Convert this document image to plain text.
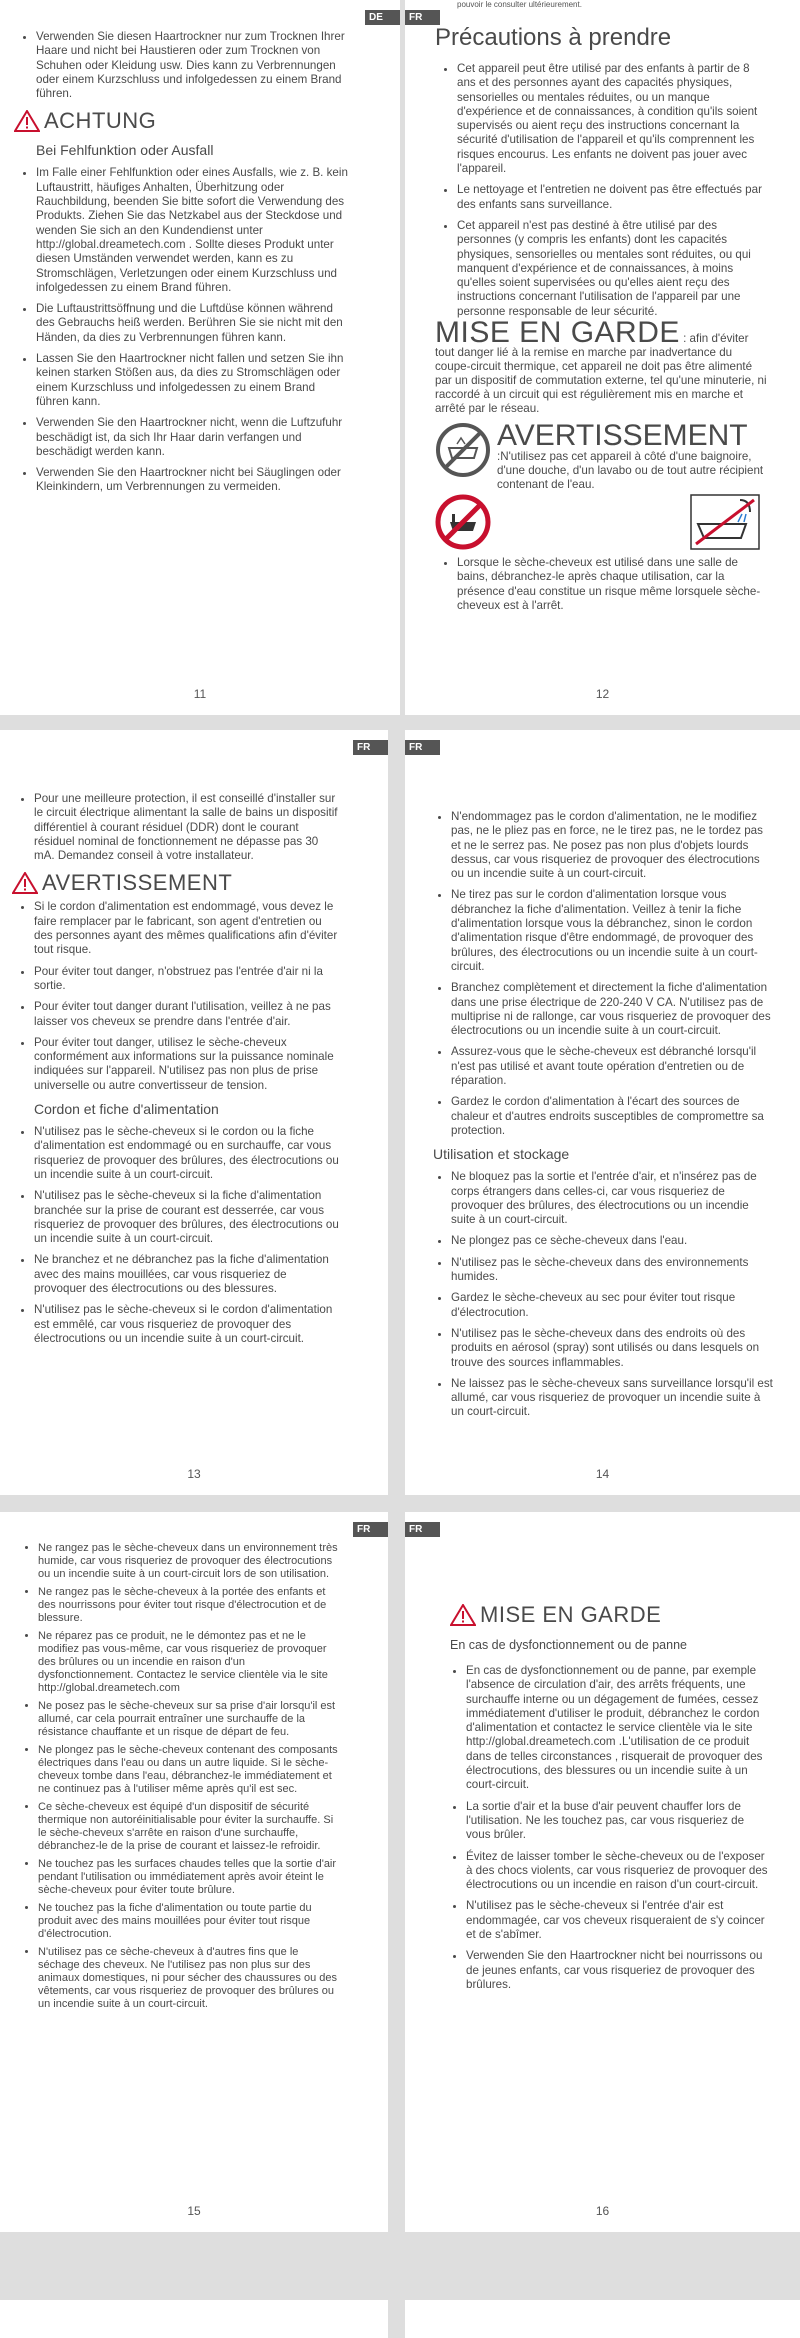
DE
• Verwenden Sie diesen Haartrockner nur zum Trocknen Ihrer Haare und nicht bei Haustieren oder zum Trocknen von Schuhen oder Kleidung usw. Dies kann zu Verbrennungen oder einem Kurzschluss und infolgedessen zu einem Brand führen.
ACHTUNG
Bei Fehlfunktion oder Ausfall
• Im Falle einer Fehlfunktion oder eines Ausfalls, wie z. B. kein Luftaustritt, häufiges Anhalten, Überhitzung oder Rauchbildung, beenden Sie bitte sofort die Verwendung des Produkts. Ziehen Sie das Netzkabel aus der Steckdose und wenden Sie sich an den Kundendienst unter http://global.dreametech.com . Sollte dieses Produkt unter diesen Umständen verwendet werden, kann es zu Stromschlägen, Verletzungen oder einem Kurzschluss und infolgedessen zu einem Brand führen.
• Die Luftaustrittsöffnung und die Luftdüse können während des Gebrauchs heiß werden. Berühren Sie sie nicht mit den Händen, da dies zu Verbrennungen führen kann.
• Lassen Sie den Haartrockner nicht fallen und setzen Sie ihn keinen starken Stößen aus, da dies zu Stromschlägen oder einem Kurzschluss und infolgedessen zu einem Brand führen kann.
• Verwenden Sie den Haartrockner nicht, wenn die Luftzufuhr beschädigt ist, da sich Ihr Haar darin verfangen und beschädigt werden kann.
• Verwenden Sie den Haartrockner nicht bei Säuglingen oder Kleinkindern, um Verbrennungen zu vermeiden.
11
FR
pouvoir le consulter ultérieurement.
Précautions à prendre
• Cet appareil peut être utilisé par des enfants à partir de 8 ans et des personnes ayant des capacités physiques, sensorielles ou mentales réduites, ou un manque d'expérience et de connaissances, à condition qu'ils soient supervisés ou aient reçu des instructions concernant la sécurité d'utilisation de l'appareil et qu'ils comprennent les risques encourus. Les enfants ne doivent pas jouer avec l'appareil.
• Le nettoyage et l'entretien ne doivent pas être effectués par des enfants sans surveillance.
• Cet appareil n'est pas destiné à être utilisé par des personnes (y compris les enfants) dont les capacités physiques, sensorielles ou mentales sont réduites, ou qui manquent d'expérience et de connaissances, à moins qu'elles soient supervisées ou qu'elles aient reçu des instructions concernant l'utilisation de l'appareil par une personne responsable de leur sécurité.
MISE EN GARDE : afin d'éviter tout danger lié à la remise en marche par inadvertance du coupe-circuit thermique, cet appareil ne doit pas être alimenté par un dispositif de commutation externe, tel qu'une minuterie, ni raccordé à un circuit qui est régulièrement mis en marche et arrêté par le réseau.
AVERTISSEMENT
:N'utilisez pas cet appareil à côté d'une baignoire, d'une douche, d'un lavabo ou de tout autre récipient contenant de l'eau.
• Lorsque le sèche-cheveux est utilisé dans une salle de bains, débranchez-le après chaque utilisation, car la présence d'eau constitue un risque même lorsquele sèche-cheveux est à l'arrêt.
12
FR
• Pour une meilleure protection, il est conseillé d'installer sur le circuit électrique alimentant la salle de bains un dispositif différentiel à courant résiduel (DDR) dont le courant résiduel nominal de fonctionnement ne dépasse pas 30 mA. Demandez conseil à votre installateur.
AVERTISSEMENT
• Si le cordon d'alimentation est endommagé, vous devez le faire remplacer par le fabricant, son agent d'entretien ou des personnes ayant des mêmes qualifications afin d'éviter tout risque.
• Pour éviter tout danger, n'obstruez pas l'entrée d'air ni la sortie.
• Pour éviter tout danger durant l'utilisation, veillez à ne pas laisser vos cheveux se prendre dans l'entrée d'air.
• Pour éviter tout danger, utilisez le sèche-cheveux conformément aux informations sur la puissance nominale indiquées sur l'appareil. N'utilisez pas non plus de prise universelle ou autre convertisseur de tension.
Cordon et fiche d'alimentation
• N'utilisez pas le sèche-cheveux si le cordon ou la fiche d'alimentation est endommagé ou en surchauffe, car vous risqueriez de provoquer des brûlures, des électrocutions ou un incendie suite à un court-circuit.
• N'utilisez pas le sèche-cheveux si la fiche d'alimentation branchée sur la prise de courant est desserrée, car vous risqueriez de provoquer des brûlures, des électrocutions ou un incendie suite à un court-circuit.
• Ne branchez et ne débranchez pas la fiche d'alimentation avec des mains mouillées, car vous risqueriez de provoquer des électrocutions ou des blessures.
• N'utilisez pas le sèche-cheveux si le cordon d'alimentation est emmêlé, car vous risqueriez de provoquer des électrocutions ou un incendie suite à un court-circuit.
13
FR
• N'endommagez pas le cordon d'alimentation, ne le modifiez pas, ne le pliez pas en force, ne le tirez pas, ne le tordez pas et ne le serrez pas. Ne posez pas non plus d'objets lourds dessus, car vous risqueriez de provoquer des électrocutions ou un incendie suite à un court-circuit.
• Ne tirez pas sur le cordon d'alimentation lorsque vous débranchez la fiche d'alimentation. Veillez à tenir la fiche d'alimentation lorsque vous la débranchez, sinon le cordon d'alimentation risque d'être endommagé, de provoquer des brûlures, des électrocutions ou un incendie suite à un court-circuit.
• Branchez complètement et directement la fiche d'alimentation dans une prise électrique de 220-240 V CA. N'utilisez pas de multiprise ni de rallonge, car vous risqueriez de provoquer des électrocutions ou un incendie suite à un court-circuit.
• Assurez-vous que le sèche-cheveux est débranché lorsqu'il n'est pas utilisé et avant toute opération d'entretien ou de réparation.
• Gardez le cordon d'alimentation à l'écart des sources de chaleur et d'autres endroits susceptibles de compromettre sa protection.
Utilisation et stockage
• Ne bloquez pas la sortie et l'entrée d'air, et n'insérez pas de corps étrangers dans celles-ci, car vous risqueriez de provoquer des brûlures, des électrocutions ou un incendie suite à un court-circuit.
• Ne plongez pas ce sèche-cheveux dans l'eau.
• N'utilisez pas le sèche-cheveux dans des environnements humides.
• Gardez le sèche-cheveux au sec pour éviter tout risque d'électrocution.
• N'utilisez pas le sèche-cheveux dans des endroits où des produits en aérosol (spray) sont utilisés ou dans lesquels on trouve des sources inflammables.
• Ne laissez pas le sèche-cheveux sans surveillance lorsqu'il est allumé, car vous risqueriez de provoquer un incendie suite à un court-circuit.
14
FR
• Ne rangez pas le sèche-cheveux dans un environnement très humide, car vous risqueriez de provoquer des électrocutions ou un incendie suite à un court-circuit lors de son utilisation.
• Ne rangez pas le sèche-cheveux à la portée des enfants et des nourrissons pour éviter tout risque d'électrocution et de blessure.
• Ne réparez pas ce produit, ne le démontez pas et ne le modifiez pas vous-même, car vous risqueriez de provoquer des brûlures ou un incendie en raison d'un dysfonctionnement. Contactez le service clientèle via le site http://global.dreametech.com
• Ne posez pas le sèche-cheveux sur sa prise d'air lorsqu'il est allumé, car cela pourrait entraîner une surchauffe de la résistance chauffante et un risque de départ de feu.
• Ne plongez pas le sèche-cheveux contenant des composants électriques dans l'eau ou dans un autre liquide. Si le sèche-cheveux tombe dans l'eau, débranchez-le immédiatement et ne continuez pas à l'utiliser même après qu'il est sec.
• Ce sèche-cheveux est équipé d'un dispositif de sécurité thermique non autoréinitialisable pour éviter la surchauffe. Si le sèche-cheveux s'arrête en raison d'une surchauffe, débranchez-le de la prise de courant et laissez-le refroidir.
• Ne touchez pas les surfaces chaudes telles que la sortie d'air pendant l'utilisation ou immédiatement après avoir éteint le sèche-cheveux pour éviter toute brûlure.
• Ne touchez pas la fiche d'alimentation ou toute partie du produit avec des mains mouillées pour éviter tout risque d'électrocution.
• N'utilisez pas ce sèche-cheveux à d'autres fins que le séchage des cheveux. Ne l'utilisez pas non plus sur des animaux domestiques, ni pour sécher des chaussures ou des vêtements, car vous risqueriez de provoquer des brûlures ou un incendie suite à un court-circuit.
15
FR
MISE EN GARDE
En cas de dysfonctionnement ou de panne
• En cas de dysfonctionnement ou de panne, par exemple l'absence de circulation d'air, des arrêts fréquents, une surchauffe interne ou un dégagement de fumées, cessez immédiatement d'utiliser le produit, débranchez le cordon d'alimentation et contactez le service clientèle via le site http://global.dreametech.com .L'utilisation de ce produit dans de telles circonstances , risquerait de provoquer des électrocutions, des blessures ou un incendie suite à un court-circuit.
• La sortie d'air et la buse d'air peuvent chauffer lors de l'utilisation. Ne les touchez pas, car vous risqueriez de vous brûler.
• Évitez de laisser tomber le sèche-cheveux ou de l'exposer à des chocs violents, car vous risqueriez de provoquer des électrocutions ou un incendie en raison d'un court-circuit.
• N'utilisez pas le sèche-cheveux si l'entrée d'air est endommagée, car vos cheveux risqueraient de s'y coincer et de s'abîmer.
• Verwenden Sie den Haartrockner nicht bei nourrissons ou de jeunes enfants, car vous risqueriez de provoquer des brûlures.
16
